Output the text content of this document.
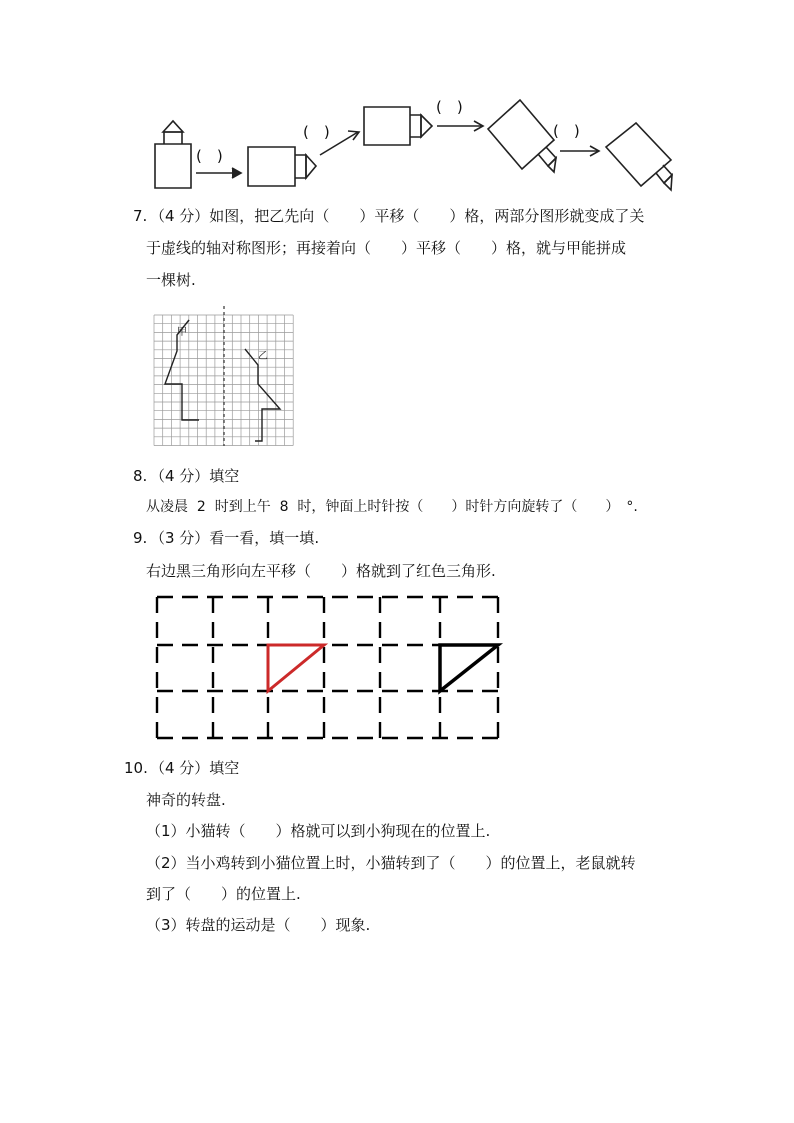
(　)
(　)
(　)
(　)
7. （4 分）如图，把乙先向（　　）平移（　　）格，两部分图形就变成了关
于虚线的轴对称图形；再接着向（　　）平移（　　）格，就与甲能拼成
一棵树.
甲
乙
8. （4 分）填空
从凌晨  2  时到上午  8  时，钟面上时针按（　　）时针方向旋转了（　　）　°.
9. （3 分）看一看，填一填.
右边黑三角形向左平移（　　）格就到了红色三角形.
10. （4 分）填空
神奇的转盘.
（1）小猫转（　　）格就可以到小狗现在的位置上.
（2）当小鸡转到小猫位置上时，小猫转到了（　　）的位置上，老鼠就转
到了（　　）的位置上.
（3）转盘的运动是（　　）现象.
